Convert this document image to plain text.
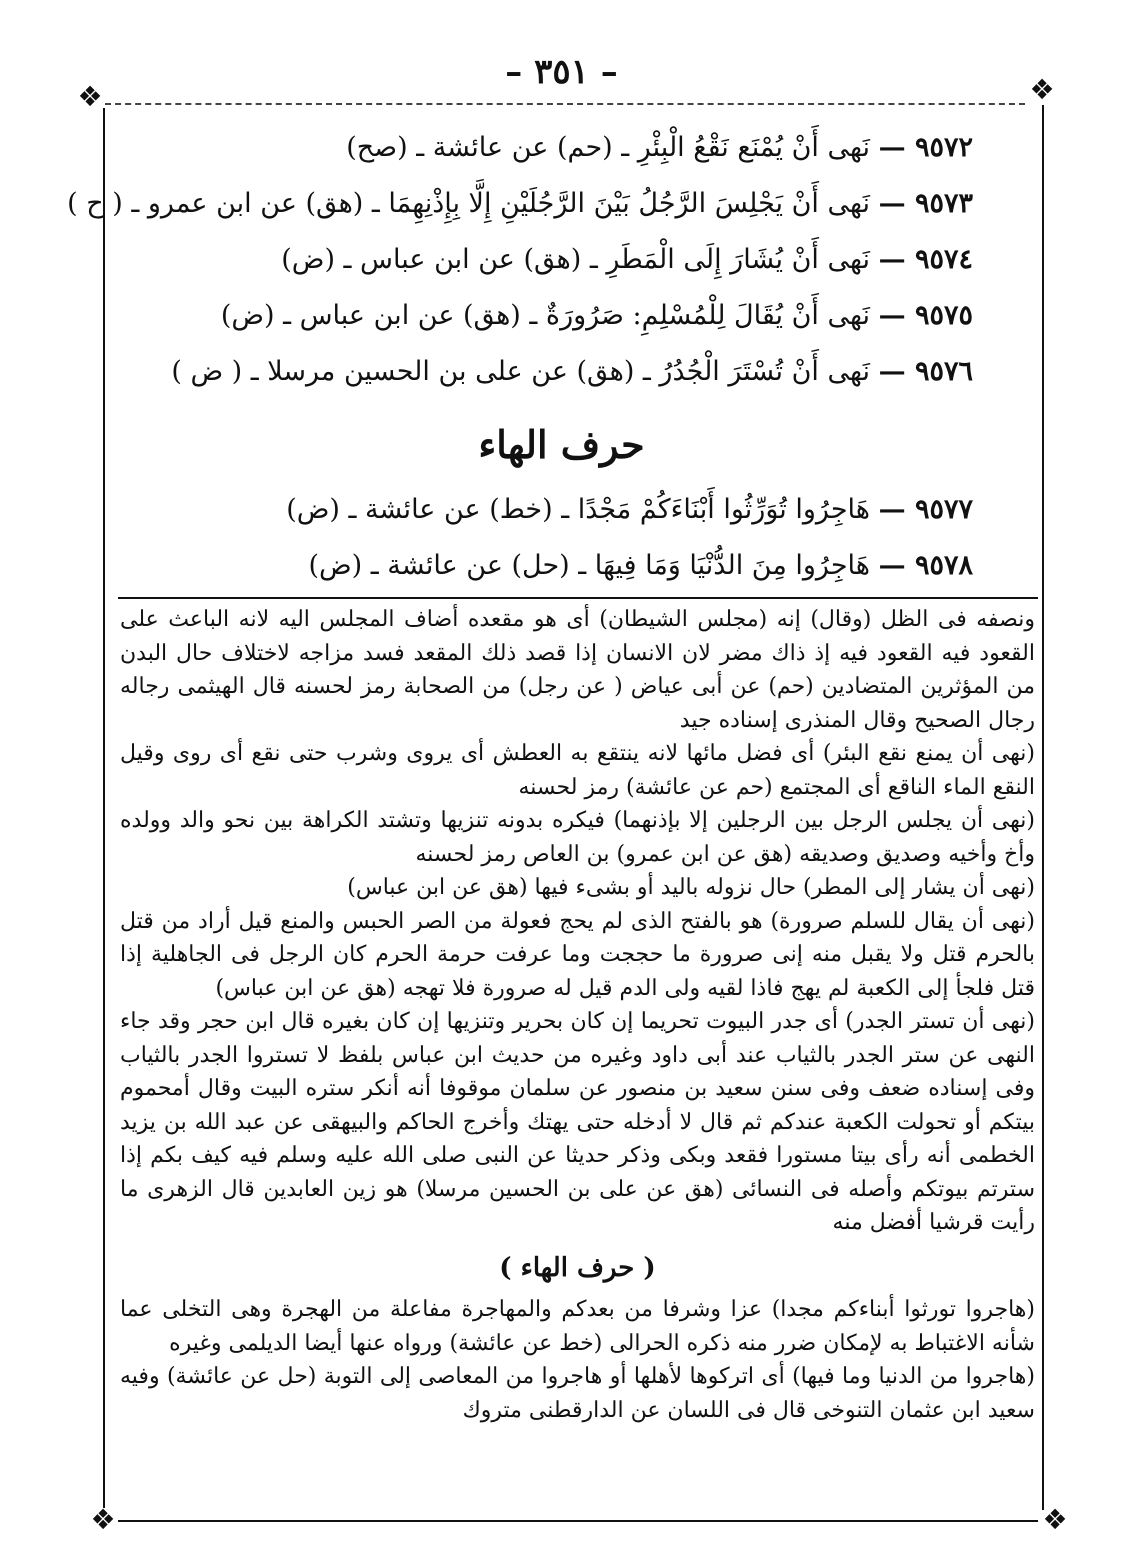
– ٣٥١ –	❖
❖
❖	❖
٩٥٧٢ — نَهى أَنْ يُمْنَع نَقْعُ الْبِئْرِ ـ (حم) عن عائشة ـ (صح)
٩٥٧٣ — نَهى أَنْ يَجْلِسَ الرَّجُلُ بَيْنَ الرَّجُلَيْنِ إِلَّا بِإِذْنِهِمَا ـ (هق) عن ابن عمرو ـ ( ح )
٩٥٧٤ — نَهى أَنْ يُشَارَ إِلَى الْمَطَرِ ـ (هق) عن ابن عباس ـ (ض)
٩٥٧٥ — نَهى أَنْ يُقَالَ لِلْمُسْلِمِ: صَرُورَةٌ ـ (هق) عن ابن عباس ـ (ض)
٩٥٧٦ — نَهى أَنْ تُسْتَرَ الْجُدُرُ ـ (هق) عن على بن الحسين مرسلا ـ ( ض )
حرف الهاء
٩٥٧٧ — هَاجِرُوا تُوَرِّثُوا أَبْنَاءَكُمْ مَجْدًا ـ (خط) عن عائشة ـ (ض)
٩٥٧٨ — هَاجِرُوا مِنَ الدُّنْيَا وَمَا فِيهَا ـ (حل) عن عائشة ـ (ض)

ونصفه فى الظل (وقال) إنه (مجلس الشيطان) أى هو مقعده أضاف المجلس اليه لانه الباعث على القعود فيه القعود فيه إذ ذاك مضر لان الانسان إذا قصد ذلك المقعد فسد مزاجه لاختلاف حال البدن من المؤثرين المتضادين (حم) عن أبى عياض ( عن رجل) من الصحابة رمز لحسنه قال الهيثمى رجاله رجال الصحيح وقال المنذرى إسناده جيد

(نهى أن يمنع نقع البئر) أى فضل مائها لانه ينتقع به العطش أى يروى وشرب حتى نقع أى روى وقيل النقع الماء الناقع أى المجتمع (حم عن عائشة) رمز لحسنه

(نهى أن يجلس الرجل بين الرجلين إلا بإذنهما) فيكره بدونه تنزيها وتشتد الكراهة بين نحو والد وولده وأخ وأخيه وصديق وصديقه (هق عن ابن عمرو) بن العاص رمز لحسنه

(نهى أن يشار إلى المطر) حال نزوله باليد أو بشىء فيها (هق عن ابن عباس)

(نهى أن يقال للسلم صرورة) هو بالفتح الذى لم يحج فعولة من الصر الحبس والمنع قيل أراد من قتل بالحرم قتل ولا يقبل منه إنى صرورة ما حججت وما عرفت حرمة الحرم كان الرجل فى الجاهلية إذا قتل فلجأ إلى الكعبة لم يهج فاذا لقيه ولى الدم قيل له صرورة فلا تهجه (هق عن ابن عباس)

(نهى أن تستر الجدر) أى جدر البيوت تحريما إن كان بحرير وتنزيها إن كان بغيره قال ابن حجر وقد جاء النهى عن ستر الجدر بالثياب عند أبى داود وغيره من حديث ابن عباس بلفظ لا تستروا الجدر بالثياب وفى إسناده ضعف وفى سنن سعيد بن منصور عن سلمان موقوفا أنه أنكر ستره البيت وقال أمحموم بيتكم أو تحولت الكعبة عندكم ثم قال لا أدخله حتى يهتك وأخرج الحاكم والبيهقى عن عبد الله بن يزيد الخطمى أنه رأى بيتا مستورا فقعد وبكى وذكر حديثا عن النبى صلى الله عليه وسلم فيه كيف بكم إذا سترتم بيوتكم وأصله فى النسائى (هق عن على بن الحسين مرسلا) هو زين العابدين قال الزهرى ما رأيت قرشيا أفضل منه

( حرف الهاء )

(هاجروا تورثوا أبناءكم مجدا) عزا وشرفا من بعدكم والمهاجرة مفاعلة من الهجرة وهى التخلى عما شأنه الاغتباط به لإمكان ضرر منه ذكره الحرالى (خط عن عائشة) ورواه عنها أيضا الديلمى وغيره

(هاجروا من الدنيا وما فيها) أى اتركوها لأهلها أو هاجروا من المعاصى إلى التوبة (حل عن عائشة) وفيه سعيد ابن عثمان التنوخى قال فى اللسان عن الدارقطنى متروك
